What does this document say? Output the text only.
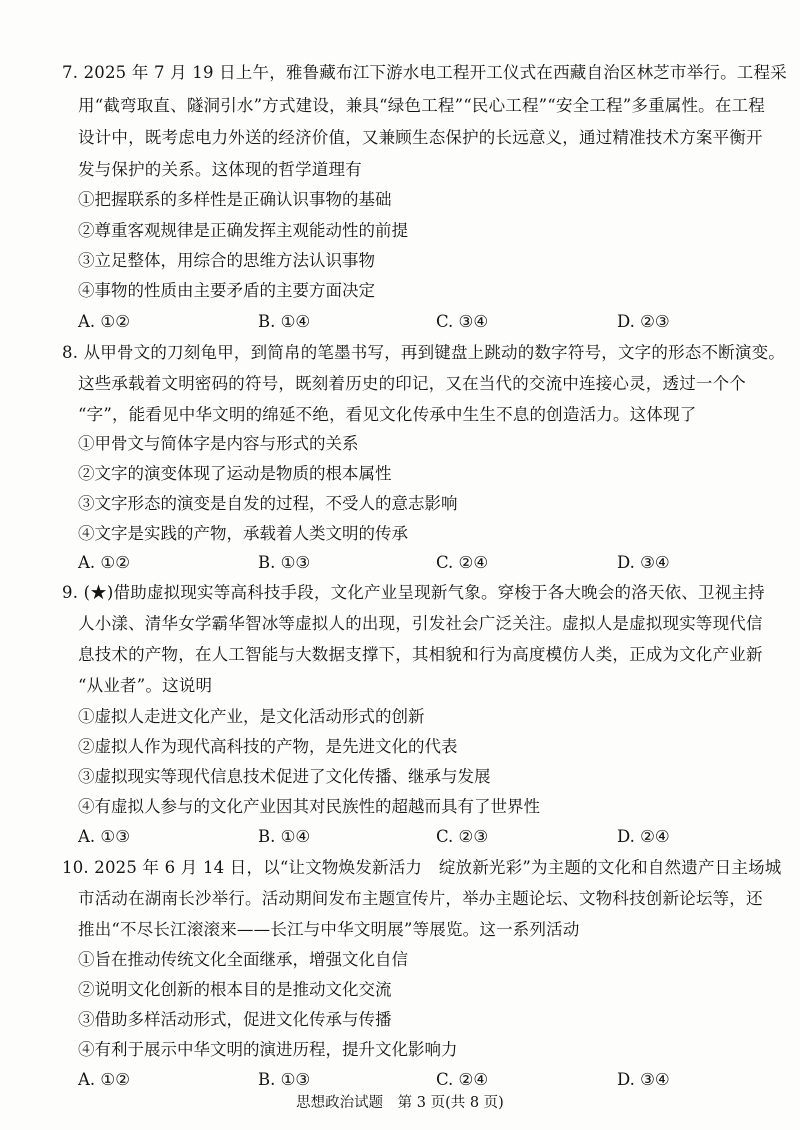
7. 2025 年 7 月 19 日上午，雅鲁藏布江下游水电工程开工仪式在西藏自治区林芝市举行。工程采
用“截弯取直、隧洞引水”方式建设，兼具“绿色工程”“民心工程”“安全工程”多重属性。在工程
设计中，既考虑电力外送的经济价值，又兼顾生态保护的长远意义，通过精准技术方案平衡开
发与保护的关系。这体现的哲学道理有
①把握联系的多样性是正确认识事物的基础
②尊重客观规律是正确发挥主观能动性的前提
③立足整体，用综合的思维方法认识事物
④事物的性质由主要矛盾的主要方面决定
A. ①②	B. ①④	C. ③④	D. ②③
8. 从甲骨文的刀刻龟甲，到简帛的笔墨书写，再到键盘上跳动的数字符号，文字的形态不断演变。
这些承载着文明密码的符号，既刻着历史的印记，又在当代的交流中连接心灵，透过一个个
“字”，能看见中华文明的绵延不绝，看见文化传承中生生不息的创造活力。这体现了
①甲骨文与简体字是内容与形式的关系
②文字的演变体现了运动是物质的根本属性
③文字形态的演变是自发的过程，不受人的意志影响
④文字是实践的产物，承载着人类文明的传承
A. ①②	B. ①③	C. ②④	D. ③④
9. (★)借助虚拟现实等高科技手段，文化产业呈现新气象。穿梭于各大晚会的洛天依、卫视主持
人小漾、清华女学霸华智冰等虚拟人的出现，引发社会广泛关注。虚拟人是虚拟现实等现代信
息技术的产物，在人工智能与大数据支撑下，其相貌和行为高度模仿人类，正成为文化产业新
“从业者”。这说明
①虚拟人走进文化产业，是文化活动形式的创新
②虚拟人作为现代高科技的产物，是先进文化的代表
③虚拟现实等现代信息技术促进了文化传播、继承与发展
④有虚拟人参与的文化产业因其对民族性的超越而具有了世界性
A. ①③	B. ①④	C. ②③	D. ②④
10. 2025 年 6 月 14 日，以“让文物焕发新活力　绽放新光彩”为主题的文化和自然遗产日主场城
市活动在湖南长沙举行。活动期间发布主题宣传片，举办主题论坛、文物科技创新论坛等，还
推出“不尽长江滚滚来——长江与中华文明展”等展览。这一系列活动
①旨在推动传统文化全面继承，增强文化自信
②说明文化创新的根本目的是推动文化交流
③借助多样活动形式，促进文化传承与传播
④有利于展示中华文明的演进历程，提升文化影响力
A. ①②	B. ①③	C. ②④	D. ③④
思想政治试题　第 3 页(共 8 页)
